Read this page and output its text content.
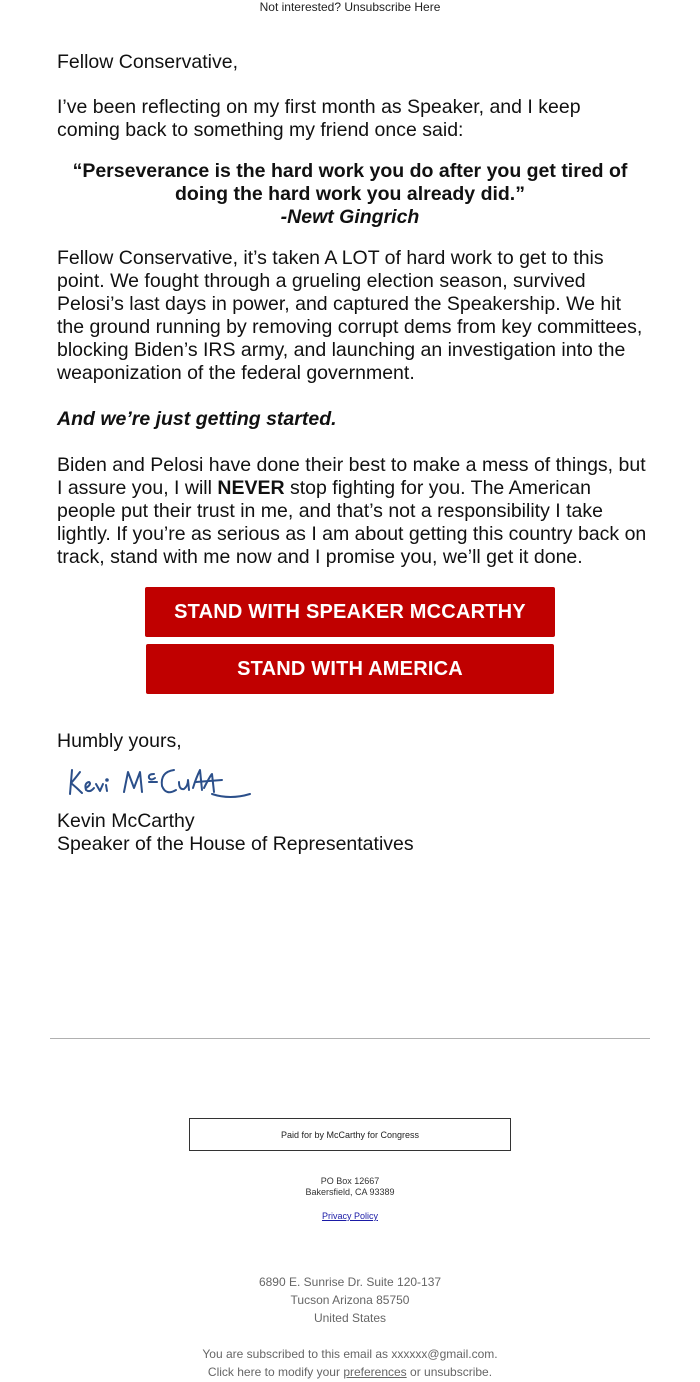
Not interested? Unsubscribe Here
Fellow Conservative,
I’ve been reflecting on my first month as Speaker, and I keep coming back to something my friend once said:
“Perseverance is the hard work you do after you get tired of doing the hard work you already did.”
-Newt Gingrich
Fellow Conservative, it’s taken A LOT of hard work to get to this point. We fought through a grueling election season, survived Pelosi’s last days in power, and captured the Speakership. We hit the ground running by removing corrupt dems from key committees, blocking Biden’s IRS army, and launching an investigation into the weaponization of the federal government.
And we’re just getting started.
Biden and Pelosi have done their best to make a mess of things, but I assure you, I will NEVER stop fighting for you. The American people put their trust in me, and that’s not a responsibility I take lightly. If you’re as serious as I am about getting this country back on track, stand with me now and I promise you, we’ll get it done.
STAND WITH SPEAKER MCCARTHY
STAND WITH AMERICA
Humbly yours,
Kevin McCarthy
Speaker of the House of Representatives
Paid for by McCarthy for Congress
PO Box 12667
Bakersfield, CA 93389
Privacy Policy
6890 E. Sunrise Dr. Suite 120-137
Tucson Arizona 85750
United States
You are subscribed to this email as xxxxxx@gmail.com.
Click here to modify your preferences or unsubscribe.
